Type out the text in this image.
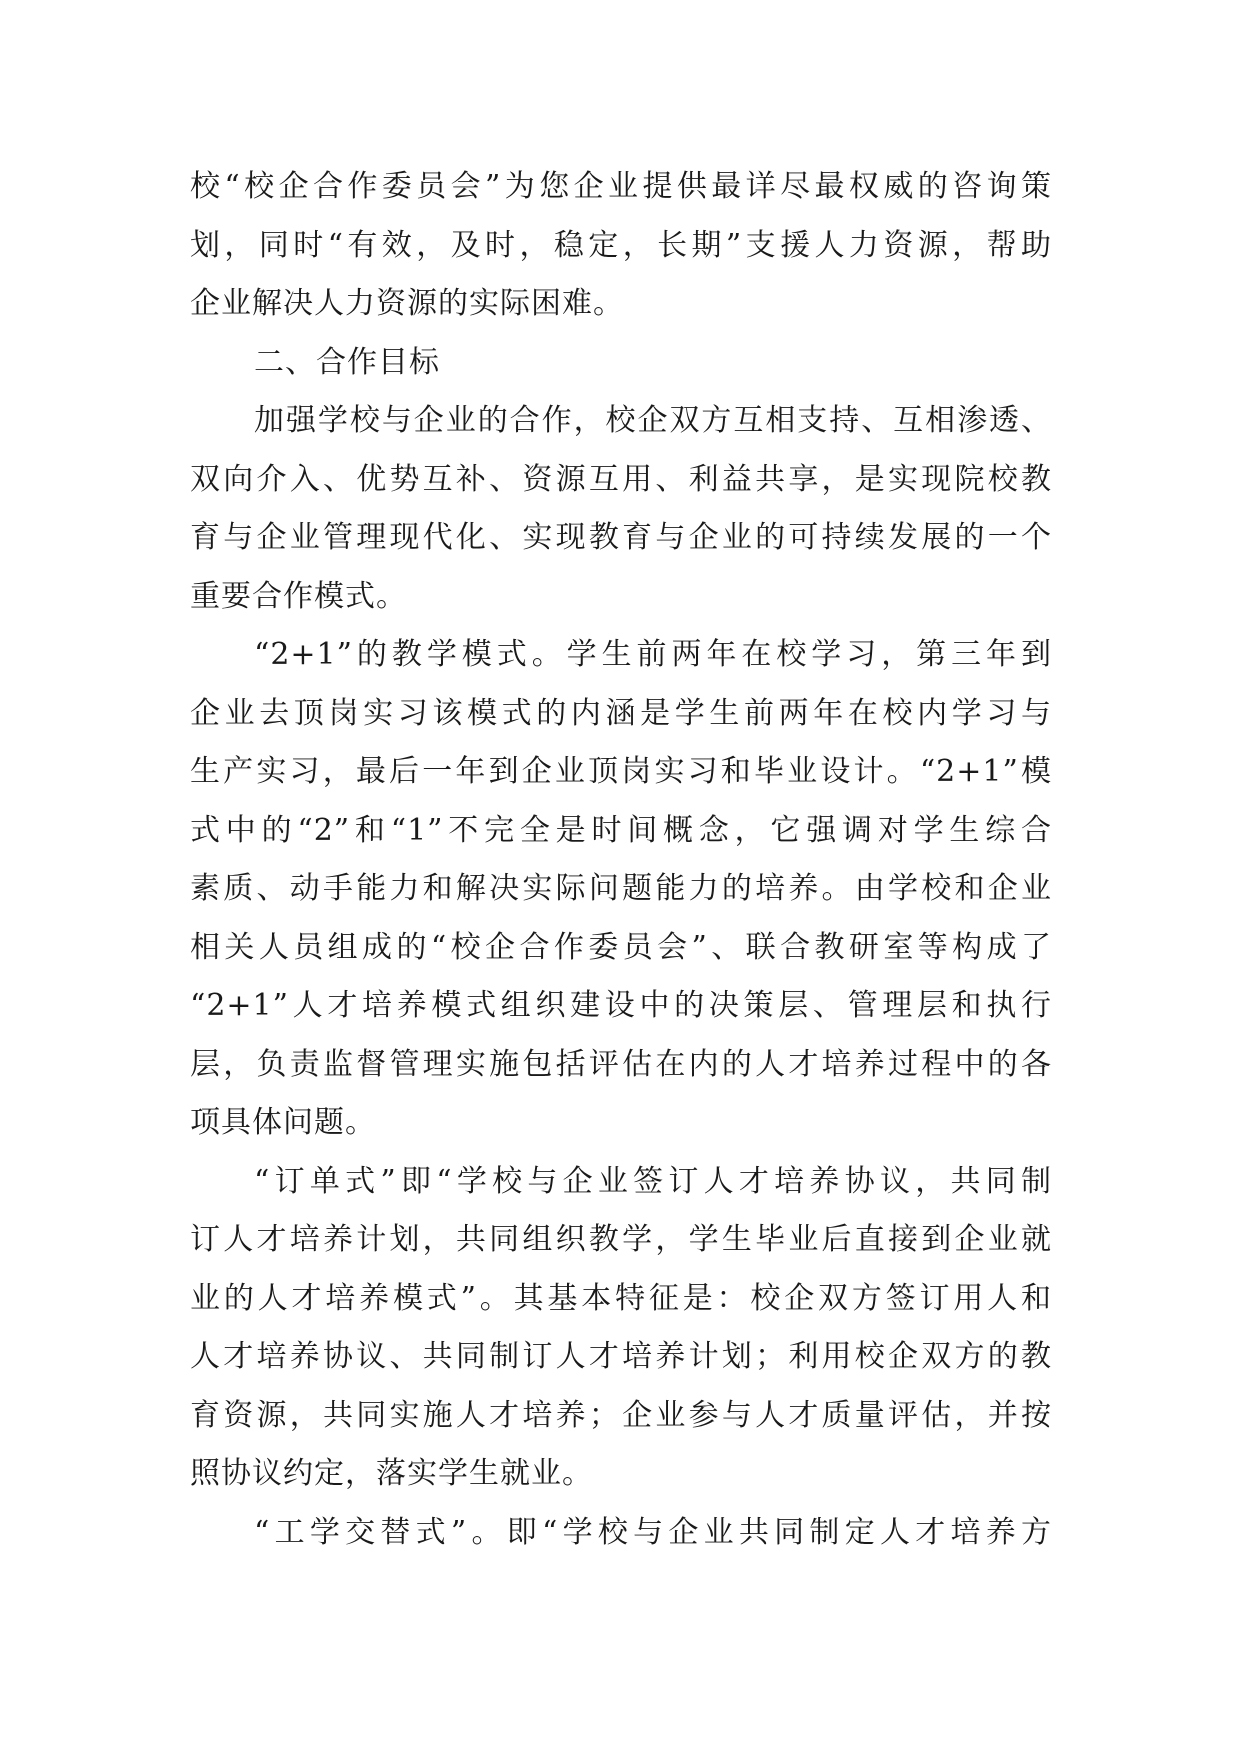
校“校企合作委员会”为您企业提供最详尽最权威的咨询策
划，同时“有效，及时，稳定，长期”支援人力资源，帮助
企业解决人力资源的实际困难。
二、合作目标
加强学校与企业的合作，校企双方互相支持、互相渗透、
双向介入、优势互补、资源互用、利益共享，是实现院校教
育与企业管理现代化、实现教育与企业的可持续发展的一个
重要合作模式。
“2+1”的教学模式。学生前两年在校学习，第三年到
企业去顶岗实习该模式的内涵是学生前两年在校内学习与
生产实习，最后一年到企业顶岗实习和毕业设计。“2+1”模
式中的“2”和“1”不完全是时间概念，它强调对学生综合
素质、动手能力和解决实际问题能力的培养。由学校和企业
相关人员组成的“校企合作委员会”、联合教研室等构成了
“2+1”人才培养模式组织建设中的决策层、管理层和执行
层，负责监督管理实施包括评估在内的人才培养过程中的各
项具体问题。
“订单式”即“学校与企业签订人才培养协议，共同制
订人才培养计划，共同组织教学，学生毕业后直接到企业就
业的人才培养模式”。其基本特征是：校企双方签订用人和
人才培养协议、共同制订人才培养计划；利用校企双方的教
育资源，共同实施人才培养；企业参与人才质量评估，并按
照协议约定，落实学生就业。
“工学交替式”。即“学校与企业共同制定人才培养方
